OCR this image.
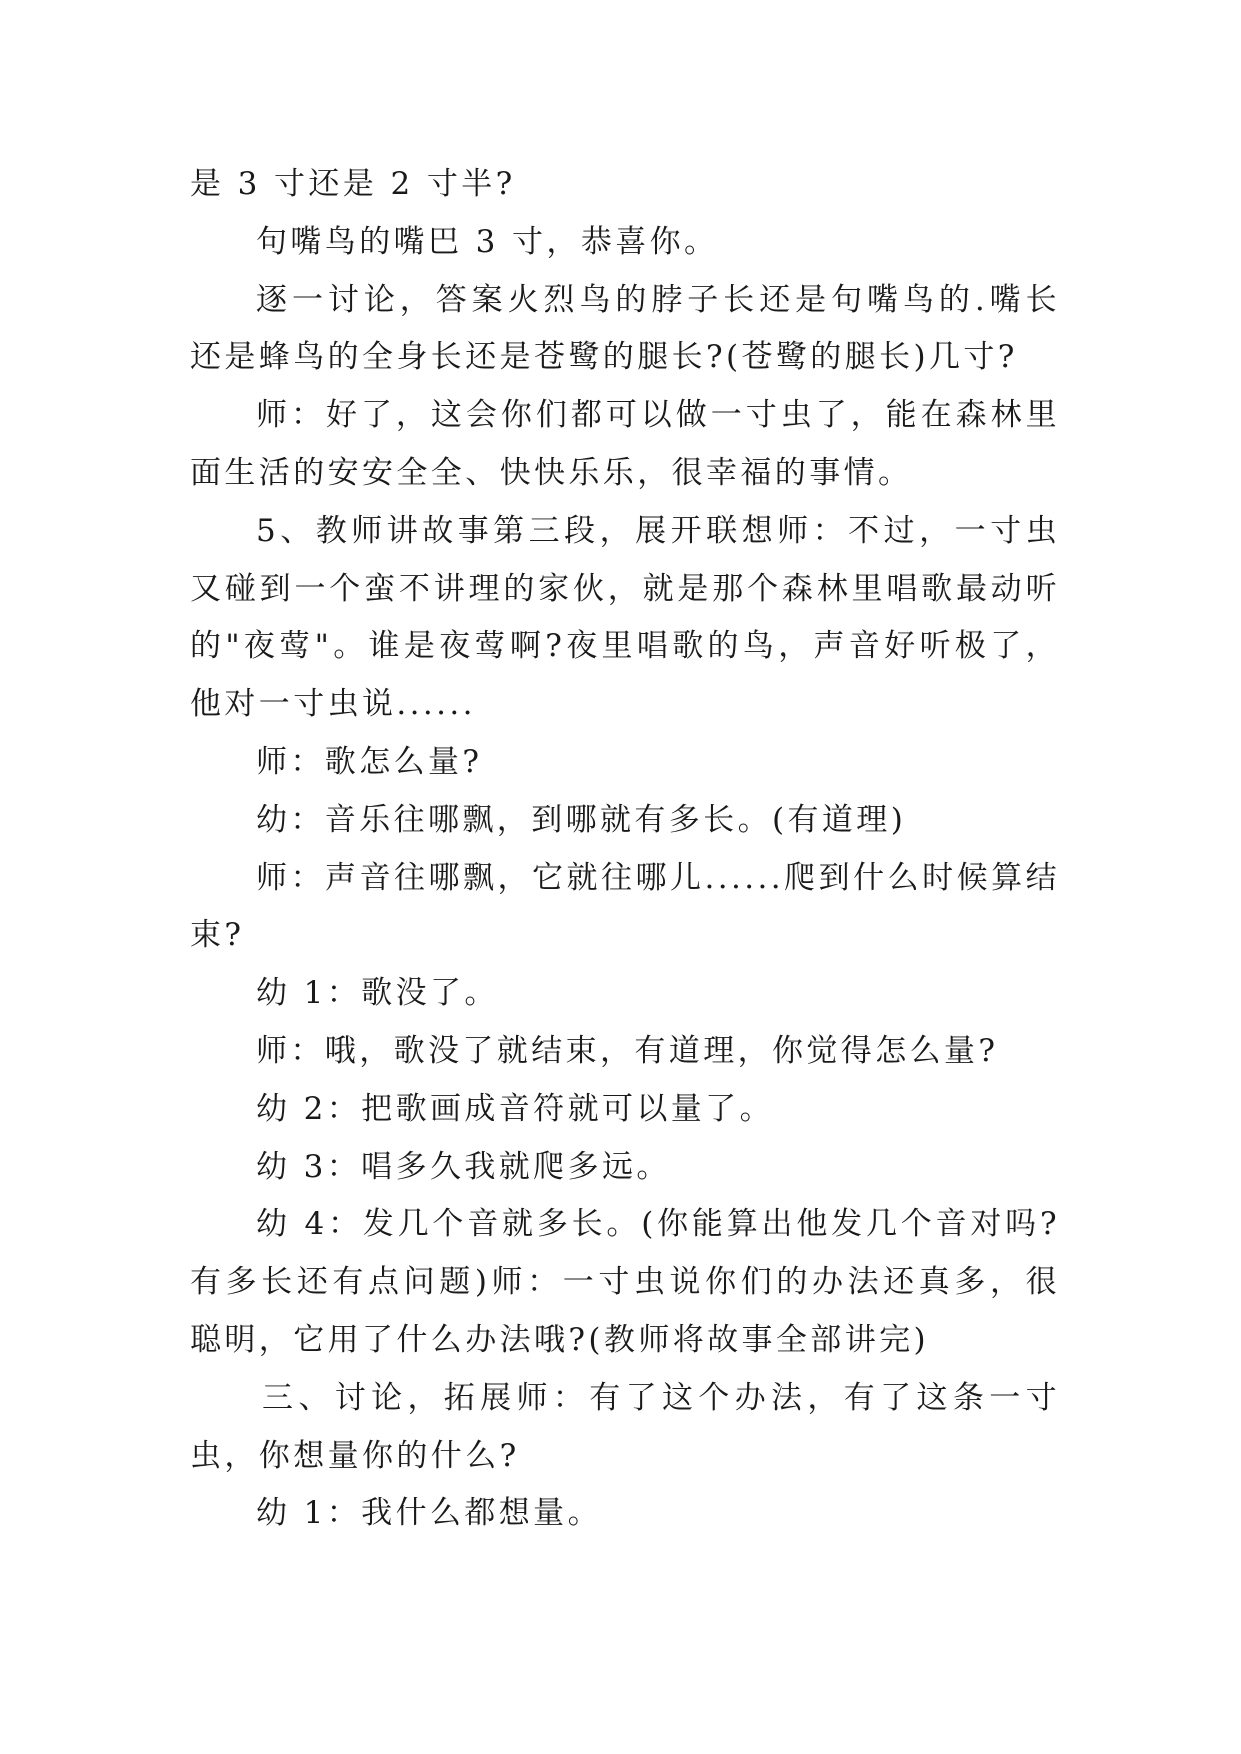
是 3 寸还是 2 寸半?

句嘴鸟的嘴巴 3 寸，恭喜你。

逐一讨论，答案火烈鸟的脖子长还是句嘴鸟的.嘴长还是蜂鸟的全身长还是苍鹭的腿长?(苍鹭的腿长)几寸?

师：好了，这会你们都可以做一寸虫了，能在森林里面生活的安安全全、快快乐乐，很幸福的事情。

5、教师讲故事第三段，展开联想师：不过，一寸虫又碰到一个蛮不讲理的家伙，就是那个森林里唱歌最动听的"夜莺"。谁是夜莺啊?夜里唱歌的鸟，声音好听极了，他对一寸虫说......

师：歌怎么量?

幼：音乐往哪飘，到哪就有多长。(有道理)

师：声音往哪飘，它就往哪儿......爬到什么时候算结束?

幼 1：歌没了。

师：哦，歌没了就结束，有道理，你觉得怎么量?

幼 2：把歌画成音符就可以量了。

幼 3：唱多久我就爬多远。

幼 4：发几个音就多长。(你能算出他发几个音对吗?有多长还有点问题)师：一寸虫说你们的办法还真多，很聪明，它用了什么办法哦?(教师将故事全部讲完)

三、讨论，拓展师：有了这个办法，有了这条一寸虫，你想量你的什么?

幼 1：我什么都想量。
